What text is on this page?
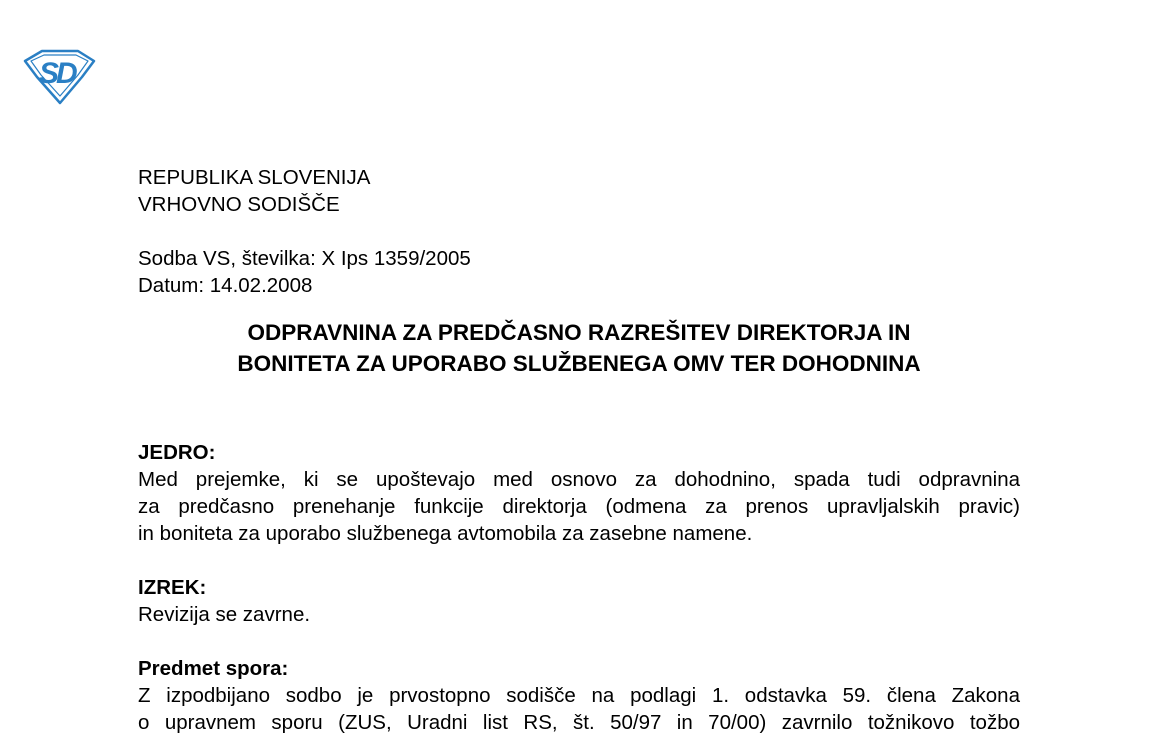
S
D
REPUBLIKA SLOVENIJA
VRHOVNO SODIŠČE
Sodba VS, številka: X Ips 1359/2005
Datum: 14.02.2008
ODPRAVNINA ZA PREDČASNO RAZREŠITEV DIREKTORJA IN
BONITETA ZA UPORABO SLUŽBENEGA OMV TER DOHODNINA
JEDRO:
Med prejemke, ki se upoštevajo med osnovo za dohodnino, spada tudi odpravnina
za predčasno prenehanje funkcije direktorja (odmena za prenos upravljalskih pravic)
in boniteta za uporabo službenega avtomobila za zasebne namene.
IZREK:
Revizija se zavrne.
Predmet spora:
Z izpodbijano sodbo je prvostopno sodišče na podlagi 1. odstavka 59. člena Zakona
o upravnem sporu (ZUS, Uradni list RS, št. 50/97 in 70/00) zavrnilo tožnikovo tožbo
